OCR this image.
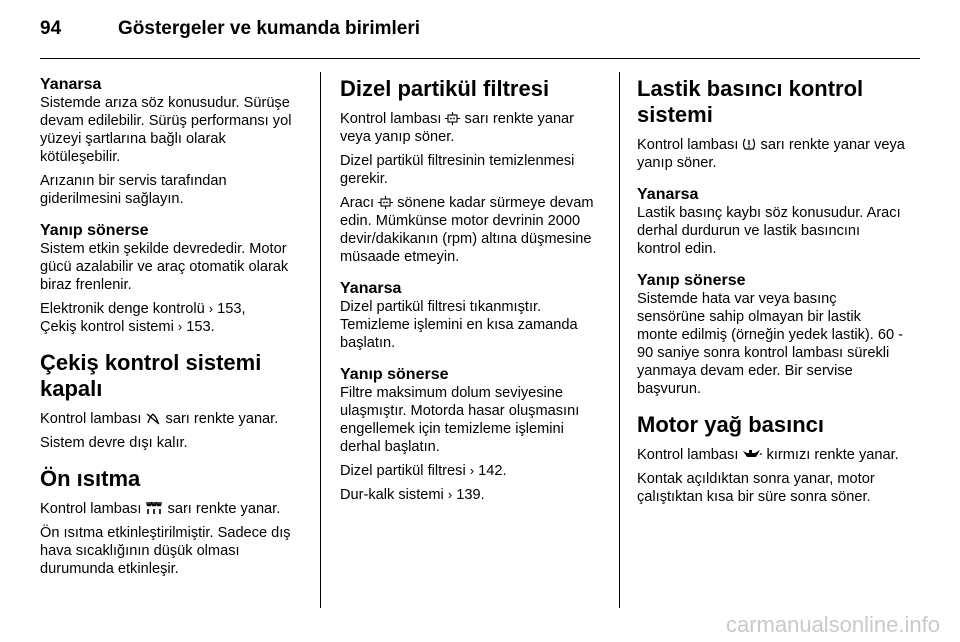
94	Göstergeler ve kumanda birimleri
Yanarsa

Sistemde arıza söz konusudur. Sürüşe devam edilebilir. Sürüş performansı yol yüzeyi şartlarına bağlı olarak kötüleşebilir.

Arızanın bir servis tarafından giderilmesini sağlayın.

Yanıp sönerse

Sistem etkin şekilde devrededir. Motor gücü azalabilir ve araç otomatik olarak biraz frenlenir.

Elektronik denge kontrolü › 153,
Çekiş kontrol sistemi › 153.

Çekiş kontrol sistemi kapalı

Kontrol lambası sarı renkte yanar.

Sistem devre dışı kalır.

Ön ısıtma

Kontrol lambası sarı renkte yanar.

Ön ısıtma etkinleştirilmiştir. Sadece dış hava sıcaklığının düşük olması durumunda etkinleşir.

Dizel partikül filtresi

Kontrol lambası sarı renkte yanar veya yanıp söner.

Dizel partikül filtresinin temizlenmesi gerekir.

Aracı sönene kadar sürmeye devam edin. Mümkünse motor devrinin 2000 devir/dakikanın (rpm) altına düşmesine müsaade etmeyin.

Yanarsa

Dizel partikül filtresi tıkanmıştır. Temizleme işlemini en kısa zamanda başlatın.

Yanıp sönerse

Filtre maksimum dolum seviyesine ulaşmıştır. Motorda hasar oluşmasını engellemek için temizleme işlemini derhal başlatın.

Dizel partikül filtresi › 142.

Dur-kalk sistemi › 139.

Lastik basıncı kontrol sistemi

Kontrol lambası sarı renkte yanar veya yanıp söner.

Yanarsa

Lastik basınç kaybı söz konusudur. Aracı derhal durdurun ve lastik basıncını kontrol edin.

Yanıp sönerse

Sistemde hata var veya basınç sensörüne sahip olmayan bir lastik monte edilmiş (örneğin yedek lastik). 60 - 90 saniye sonra kontrol lambası sürekli yanmaya devam eder. Bir servise başvurun.

Motor yağ basıncı

Kontrol lambası kırmızı renkte yanar.

Kontak açıldıktan sonra yanar, motor çalıştıktan kısa bir süre sonra söner.

carmanualsonline.info
